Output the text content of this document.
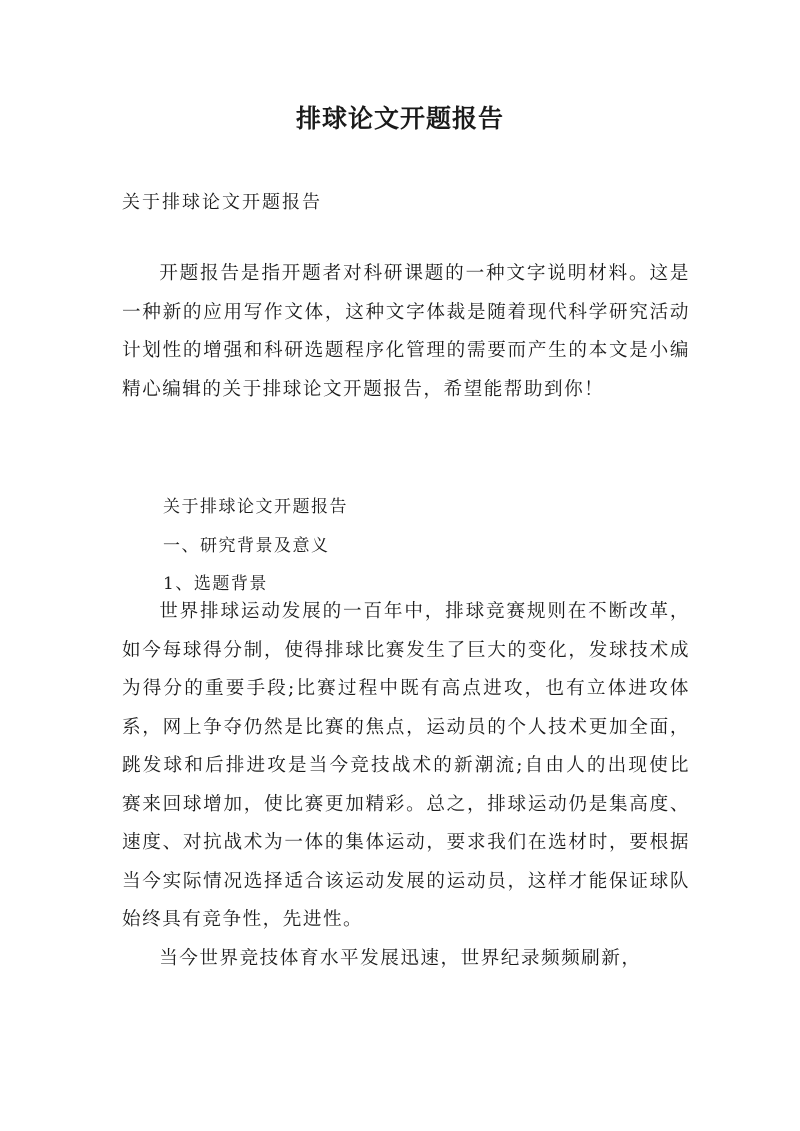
排球论文开题报告
关于排球论文开题报告

开题报告是指开题者对科研课题的一种文字说明材料。这是一种新的应用写作文体，这种文字体裁是随着现代科学研究活动计划性的增强和科研选题程序化管理的需要而产生的本文是小编精心编辑的关于排球论文开题报告，希望能帮助到你！

关于排球论文开题报告
一、研究背景及意义
1、选题背景

世界排球运动发展的一百年中，排球竞赛规则在不断改革，如今每球得分制，使得排球比赛发生了巨大的变化，发球技术成为得分的重要手段;比赛过程中既有高点进攻，也有立体进攻体系，网上争夺仍然是比赛的焦点，运动员的个人技术更加全面，跳发球和后排进攻是当今竞技战术的新潮流;自由人的出现使比赛来回球增加，使比赛更加精彩。总之，排球运动仍是集高度、速度、对抗战术为一体的集体运动，要求我们在选材时，要根据当今实际情况选择适合该运动发展的运动员，这样才能保证球队始终具有竞争性，先进性。

当今世界竞技体育水平发展迅速，世界纪录频频刷新，
